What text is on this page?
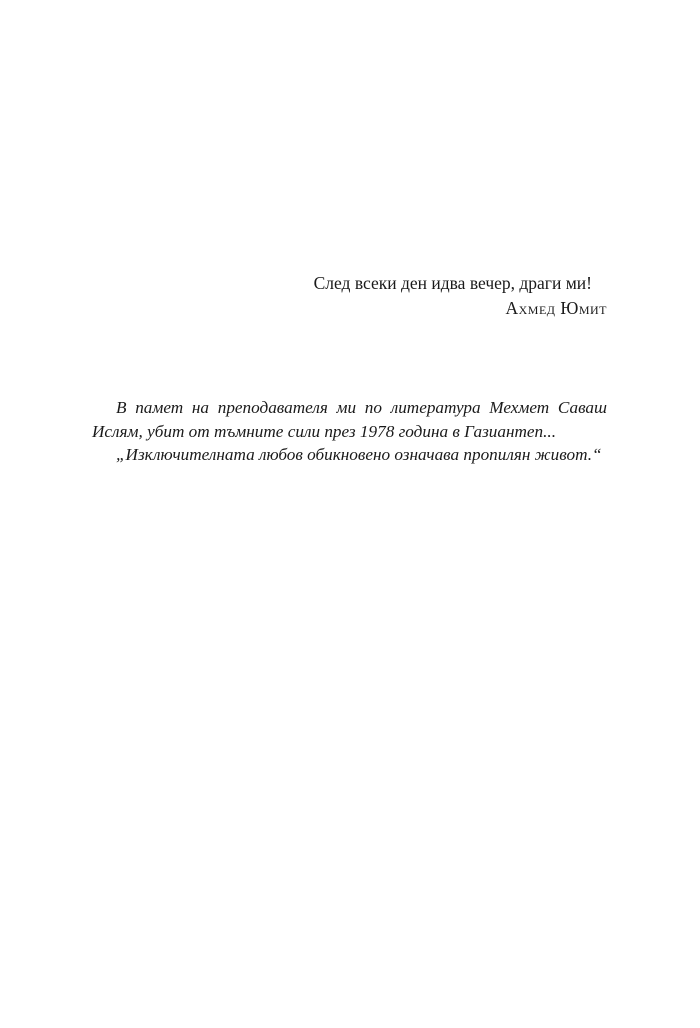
След всеки ден идва вечер, драги ми!
Ахмед Юмит

В памет на преподавателя ми по литература Мехмет Саваш Ислям, убит от тъмните сили през 1978 година в Газиантеп...

„Изключителната любов обикновено означава пропилян живот.“
